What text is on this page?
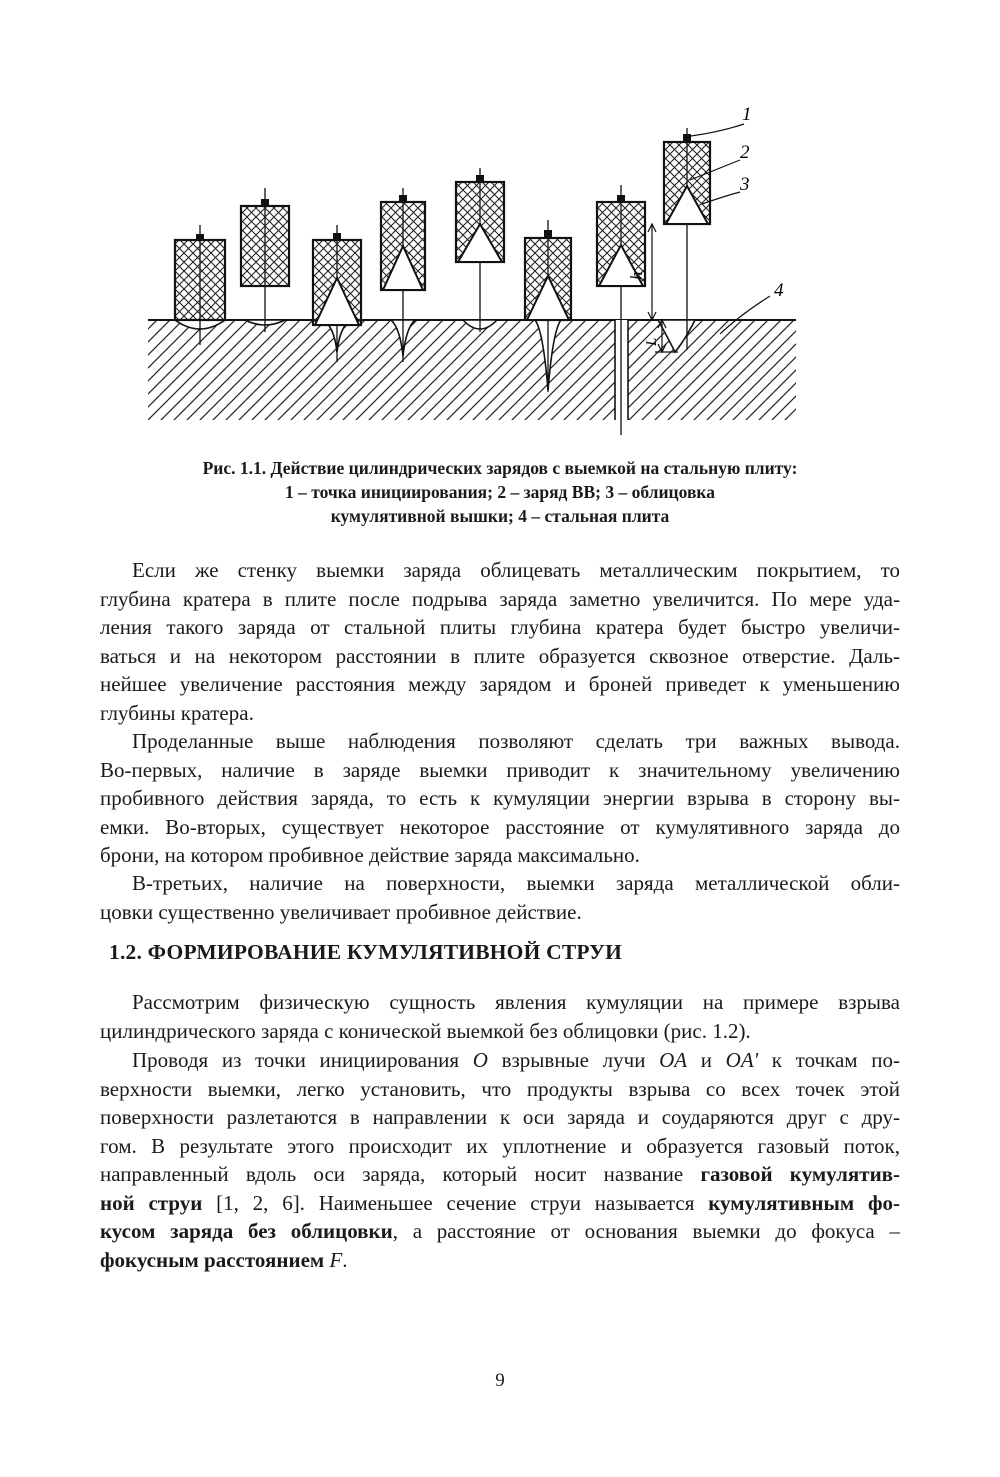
h
L
1
2
3
4
Рис. 1.1. Действие цилиндрических зарядов с выемкой на стальную плиту:
1 – точка инициирования; 2 – заряд ВВ; 3 – облицовка
кумулятивной вышки; 4 – стальная плита
Если же стенку выемки заряда облицевать металлическим покрытием, то
глубина кратера в плите после подрыва заряда заметно увеличится. По мере уда-
ления такого заряда от стальной плиты глубина кратера будет быстро увеличи-
ваться и на некотором расстоянии в плите образуется сквозное отверстие. Даль-
нейшее увеличение расстояния между зарядом и броней приведет к уменьшению
глубины кратера.
Проделанные выше наблюдения позволяют сделать три важных вывода.
Во-первых, наличие в заряде выемки приводит к значительному увеличению
пробивного действия заряда, то есть к кумуляции энергии взрыва в сторону вы-
емки. Во-вторых, существует некоторое расстояние от кумулятивного заряда до
брони, на котором пробивное действие заряда максимально.
В-третьих, наличие на поверхности, выемки заряда металлической обли-
цовки существенно увеличивает пробивное действие.
1.2. ФОРМИРОВАНИЕ КУМУЛЯТИВНОЙ СТРУИ
Рассмотрим физическую сущность явления кумуляции на примере взрыва
цилиндрического заряда с конической выемкой без облицовки (рис. 1.2).
Проводя из точки инициирования O взрывные лучи OA и OA' к точкам по-
верхности выемки, легко установить, что продукты взрыва со всех точек этой
поверхности разлетаются в направлении к оси заряда и соударяются друг с дру-
гом. В результате этого происходит их уплотнение и образуется газовый поток,
направленный вдоль оси заряда, который носит название газовой кумулятив-
ной струи [1, 2, 6]. Наименьшее сечение струи называется кумулятивным фо-
кусом заряда без облицовки, а расстояние от основания выемки до фокуса –
фокусным расстоянием F.
9
